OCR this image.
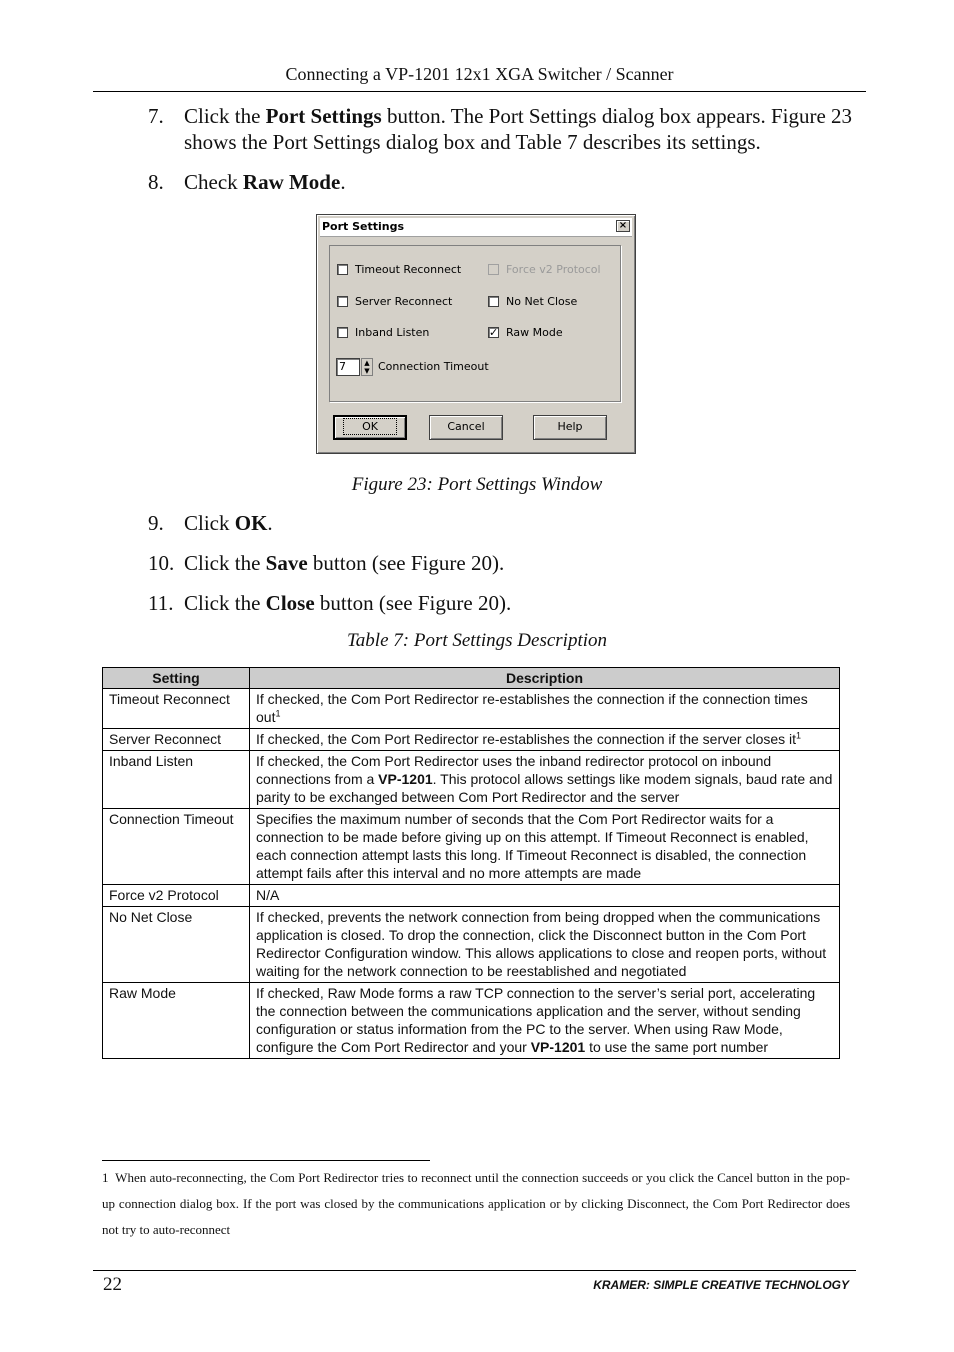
Connecting a VP-1201 12x1 XGA Switcher / Scanner
7. Click the Port Settings button. The Port Settings dialog box appears. Figure 23 shows the Port Settings dialog box and Table 7 describes its settings.
8. Check Raw Mode.
Port Settings	×
Timeout Reconnect
Server Reconnect
Inband Listen
Force v2 Protocol
No Net Close
✓ Raw Mode
7	▲
▼ Connection Timeout
OK	Cancel	Help
Figure 23: Port Settings Window
9. Click OK.
10. Click the Save button (see Figure 20).
11. Click the Close button (see Figure 20).
Table 7: Port Settings Description
Setting	Description
Timeout Reconnect	If checked, the Com Port Redirector re-establishes the connection if the connection times out$^1$
Server Reconnect	If checked, the Com Port Redirector re-establishes the connection if the server closes $it^1$
Inband Listen	If checked, the Com Port Redirector uses the inband redirector protocol on inbound connections from a VP-1201. This protocol allows settings like modem signals, baud rate and parity to be exchanged between Com Port Redirector and the server
Connection Timeout	Specifies the maximum number of seconds that the Com Port Redirector waits for a connection to be made before giving up on this attempt. If Timeout Reconnect is enabled, each connection attempt lasts this long. If Timeout Reconnect is disabled, the connection attempt fails after this interval and no more attempts are made
Force v2 Protocol	N/A
No Net Close	If checked, prevents the network connection from being dropped when the communications application is closed. To drop the connection, click the Disconnect button in the Com Port Redirector Configuration window. This allows applications to close and reopen ports, without waiting for the network connection to be reestablished and negotiated
Raw Mode	If checked, Raw Mode forms a raw TCP connection to the server’s serial port, accelerating the connection between the communications application and the server, without sending configuration or status information from the PC to the server. When using Raw Mode, configure the Com Port Redirector and your VP-1201 to use the same port number
1 When auto-reconnecting, the Com Port Redirector tries to reconnect until the connection succeeds or you click the Cancel button in the pop-up connection dialog box. If the port was closed by the communications application or by clicking Disconnect, the Com Port Redirector does not try to auto-reconnect
22	KRAMER: SIMPLE CREATIVE TECHNOLOGY
